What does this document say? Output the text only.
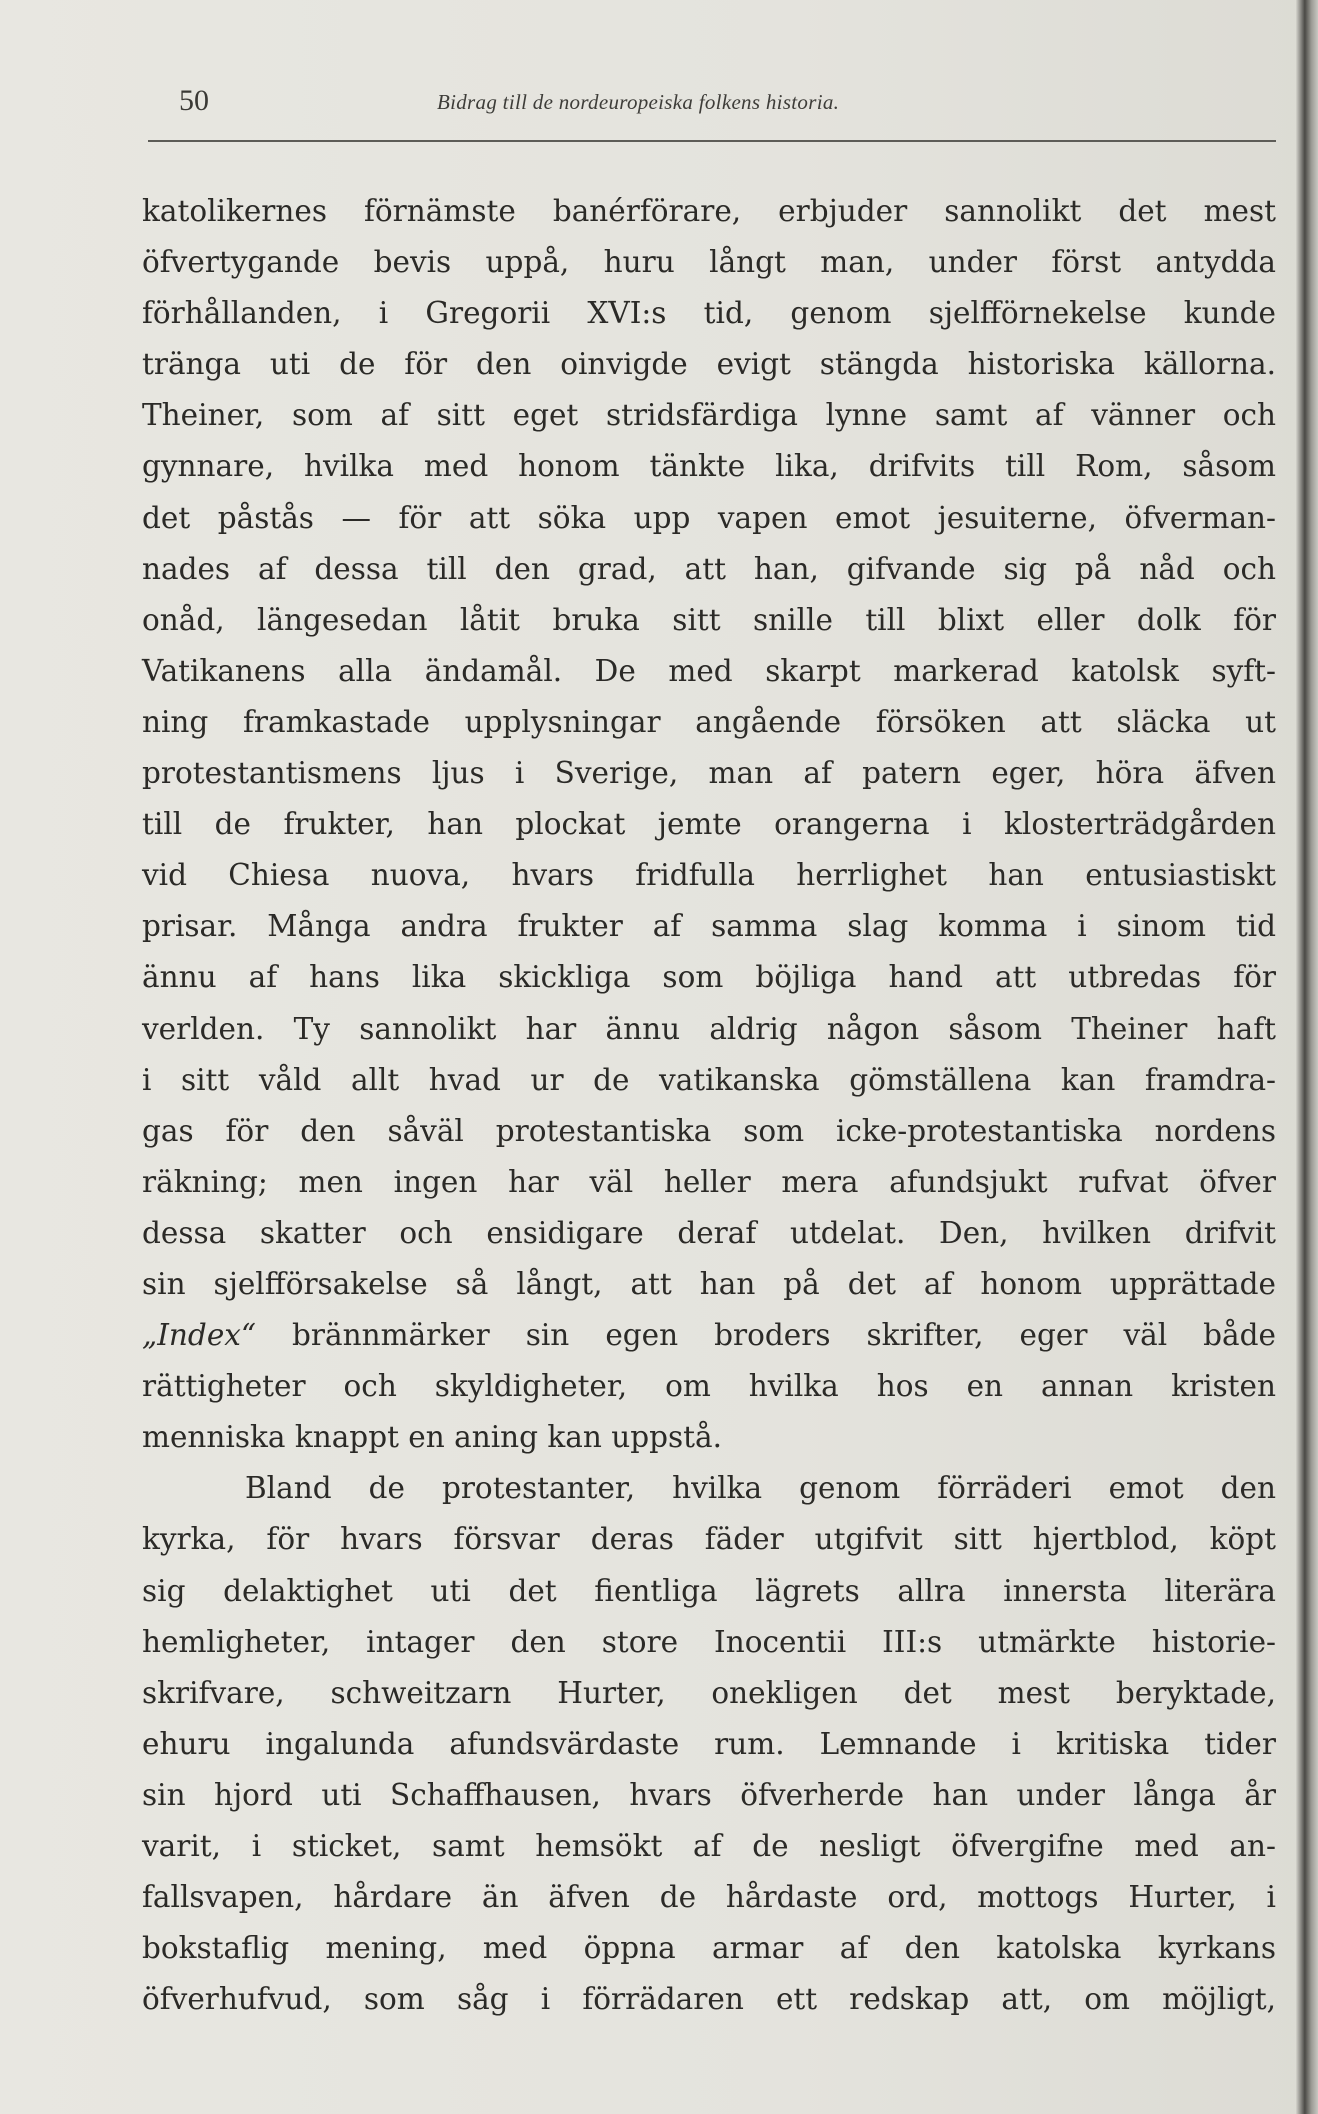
50	Bidrag till de nordeuropeiska folkens historia.
katolikernes förnämste banérförare, erbjuder sannolikt det mest
öfvertygande bevis uppå, huru långt man, under först antydda
förhållanden, i Gregorii XVI:s tid, genom sjelfförnekelse kunde
tränga uti de för den oinvigde evigt stängda historiska källorna.
Theiner, som af sitt eget stridsfärdiga lynne samt af vänner och
gynnare, hvilka med honom tänkte lika, drifvits till Rom, såsom
det påstås — för att söka upp vapen emot jesuiterne, öfverman-
nades af dessa till den grad, att han, gifvande sig på nåd och
onåd, längesedan låtit bruka sitt snille till blixt eller dolk för
Vatikanens alla ändamål. De med skarpt markerad katolsk syft-
ning framkastade upplysningar angående försöken att släcka ut
protestantismens ljus i Sverige, man af patern eger, höra äfven
till de frukter, han plockat jemte orangerna i klosterträdgården
vid Chiesa nuova, hvars fridfulla herrlighet han entusiastiskt
prisar. Många andra frukter af samma slag komma i sinom tid
ännu af hans lika skickliga som böjliga hand att utbredas för
verlden. Ty sannolikt har ännu aldrig någon såsom Theiner haft
i sitt våld allt hvad ur de vatikanska gömställena kan framdra-
gas för den såväl protestantiska som icke-protestantiska nordens
räkning; men ingen har väl heller mera afundsjukt rufvat öfver
dessa skatter och ensidigare deraf utdelat. Den, hvilken drifvit
sin sjelfförsakelse så långt, att han på det af honom upprättade
„Index“ brännmärker sin egen broders skrifter, eger väl både
rättigheter och skyldigheter, om hvilka hos en annan kristen
menniska knappt en aning kan uppstå.
Bland de protestanter, hvilka genom förräderi emot den
kyrka, för hvars försvar deras fäder utgifvit sitt hjertblod, köpt
sig delaktighet uti det fientliga lägrets allra innersta literära
hemligheter, intager den store Inocentii III:s utmärkte historie-
skrifvare, schweitzarn Hurter, onekligen det mest beryktade,
ehuru ingalunda afundsvärdaste rum. Lemnande i kritiska tider
sin hjord uti Schaffhausen, hvars öfverherde han under långa år
varit, i sticket, samt hemsökt af de nesligt öfvergifne med an-
fallsvapen, hårdare än äfven de hårdaste ord, mottogs Hurter, i
bokstaflig mening, med öppna armar af den katolska kyrkans
öfverhufvud, som såg i förrädaren ett redskap att, om möjligt,
